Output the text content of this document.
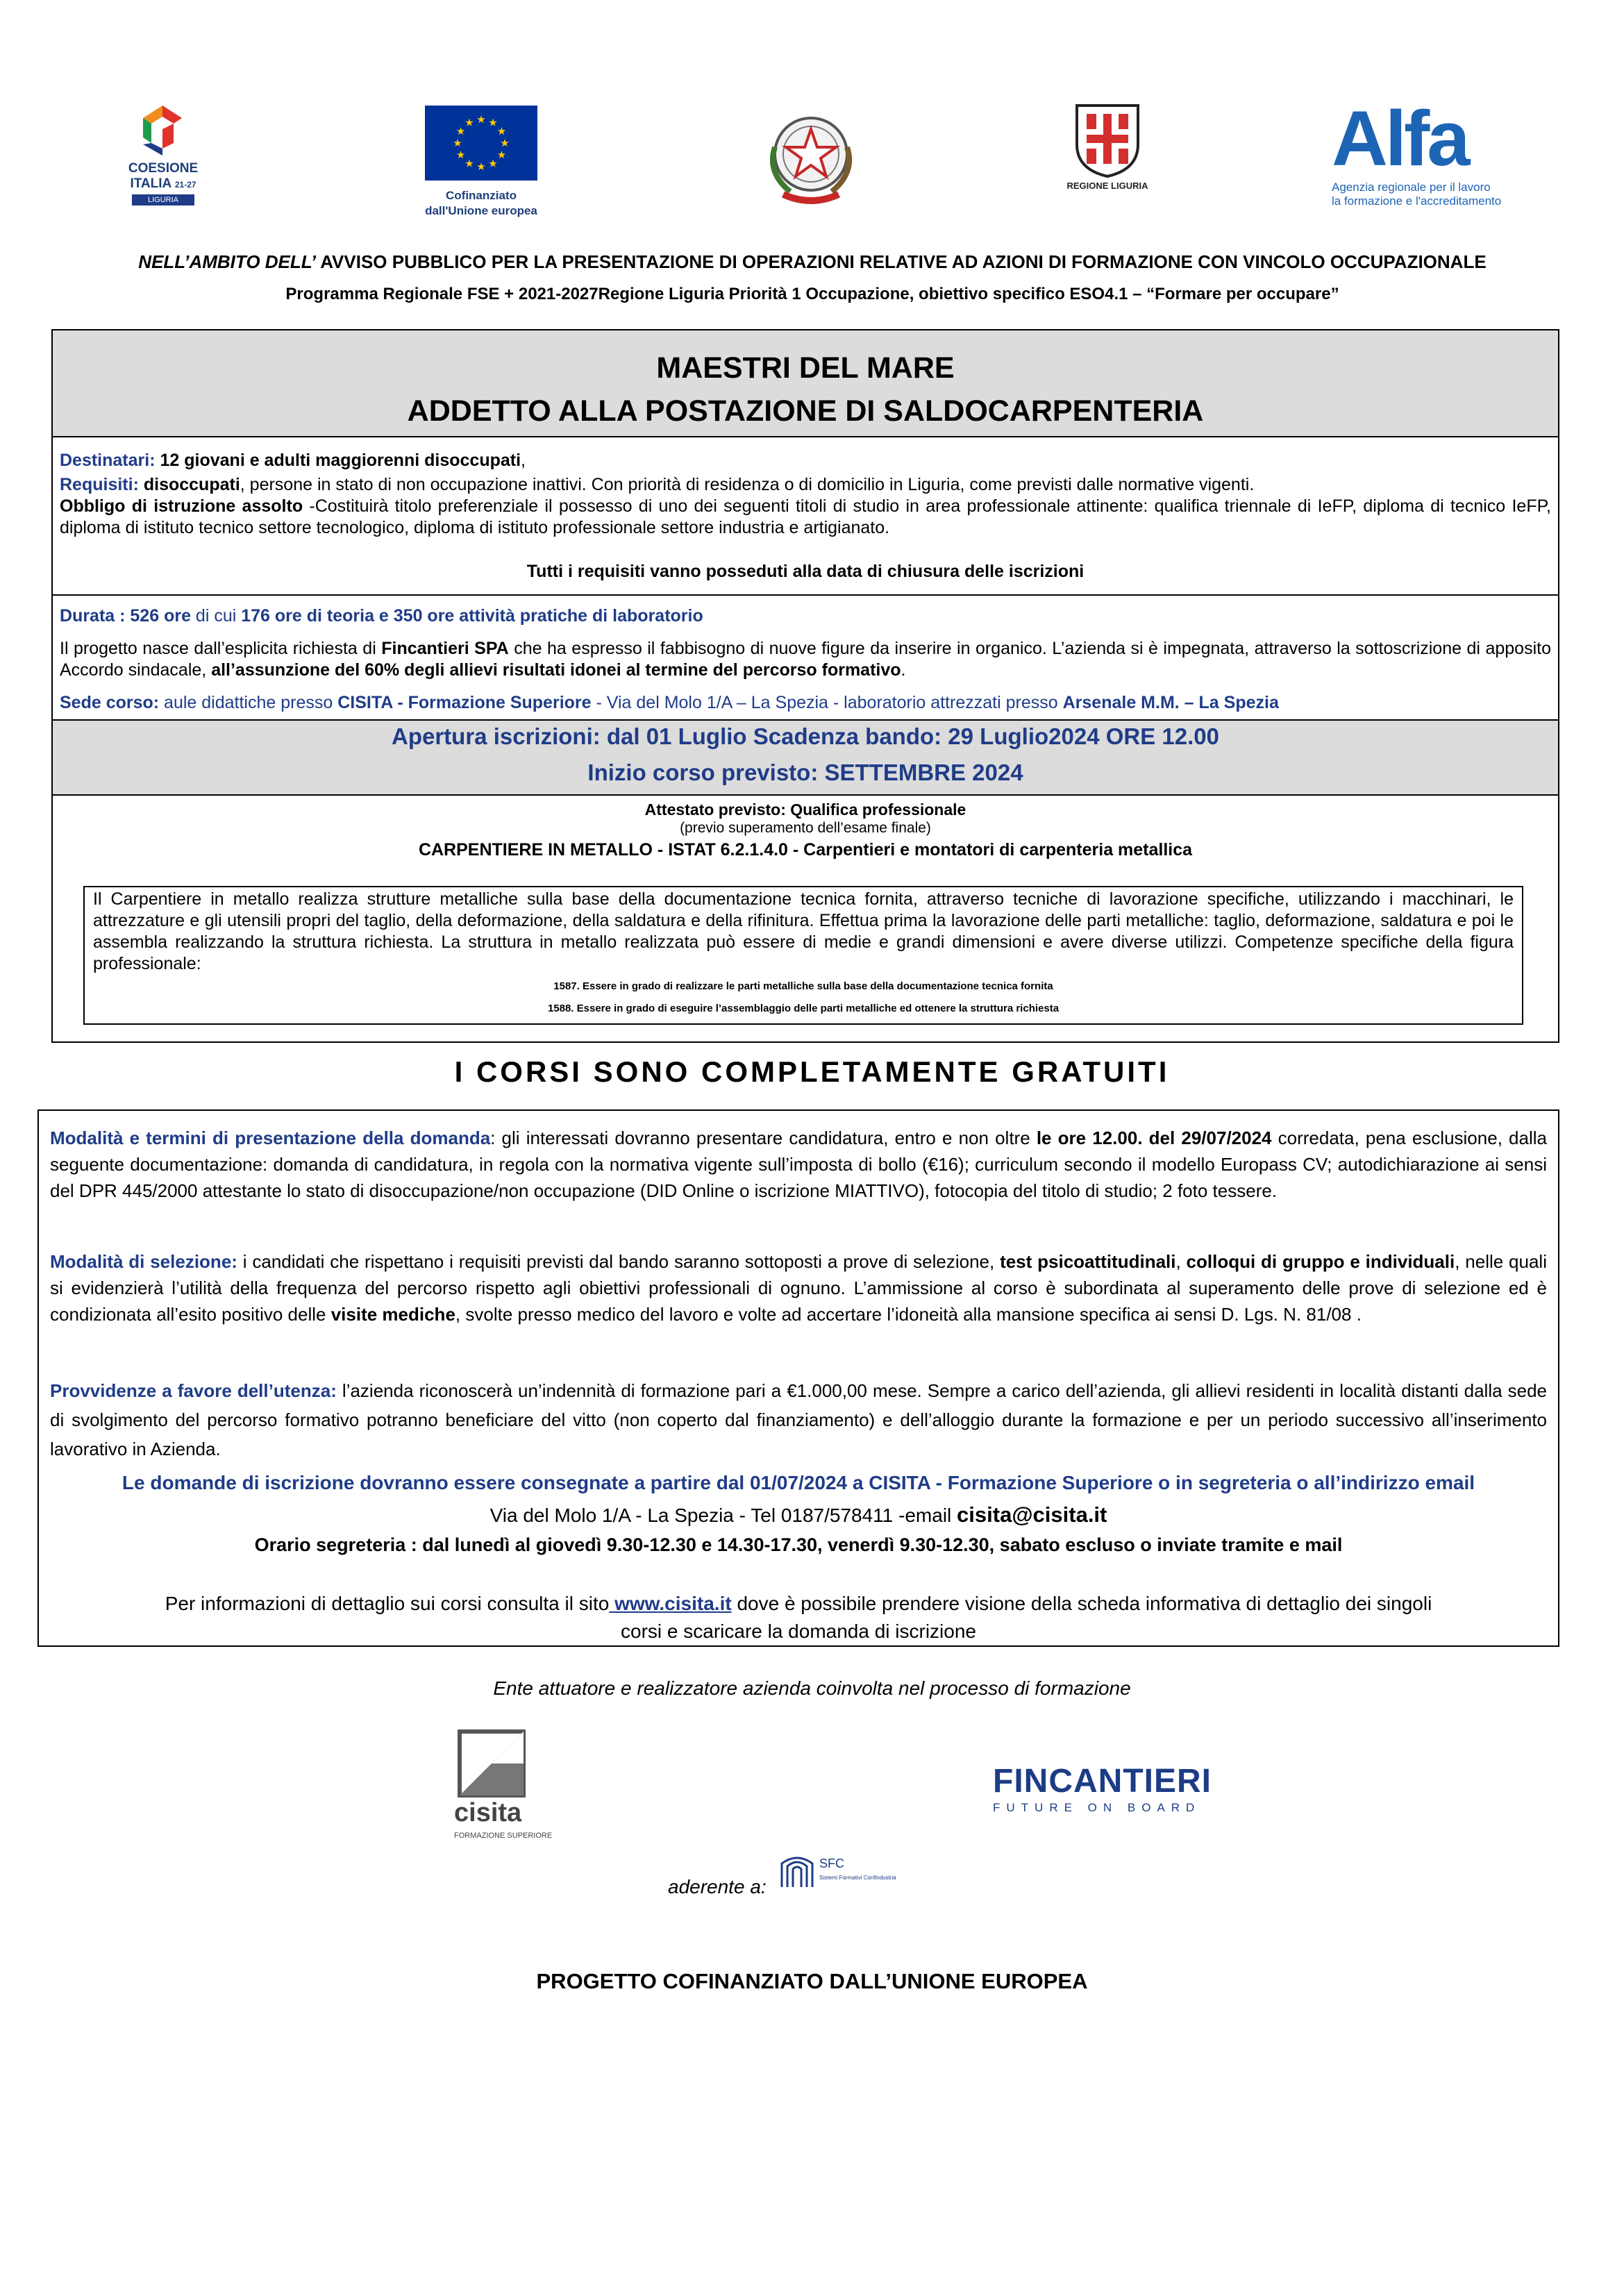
COESIONE
ITALIA 21-27
LIGURIA
★ ★
★
★
★
★
★
★
★
★
★
★
Cofinanziato
dall'Unione europea
REGIONE LIGURIA
Alfa
Agenzia regionale per il lavoro
la formazione e l'accreditamento
NELL’AMBITO DELL’ AVVISO PUBBLICO PER LA PRESENTAZIONE DI OPERAZIONI RELATIVE AD AZIONI DI FORMAZIONE CON VINCOLO OCCUPAZIONALE
Programma Regionale FSE + 2021-2027Regione Liguria Priorità 1 Occupazione, obiettivo specifico ESO4.1 – “Formare per occupare”
MAESTRI DEL MARE
ADDETTO ALLA POSTAZIONE DI SALDOCARPENTERIA
Destinatari: 12 giovani e adulti maggiorenni disoccupati,
Requisiti: disoccupati, persone in stato di non occupazione inattivi. Con priorità di residenza o di domicilio in Liguria, come previsti dalle normative vigenti.
Obbligo di istruzione assolto -Costituirà titolo preferenziale il possesso di uno dei seguenti titoli di studio in area professionale attinente: qualifica triennale di IeFP, diploma di tecnico IeFP, diploma di istituto tecnico settore tecnologico, diploma di istituto professionale settore industria e artigianato.
Tutti i requisiti vanno posseduti alla data di chiusura delle iscrizioni
Durata : 526 ore di cui 176 ore di teoria e 350 ore attività pratiche di laboratorio
Il progetto nasce dall’esplicita richiesta di Fincantieri SPA che ha espresso il fabbisogno di nuove figure da inserire in organico. L’azienda si è impegnata, attraverso la sottoscrizione di apposito Accordo sindacale, all’assunzione del 60% degli allievi risultati idonei al termine del percorso formativo.
Sede corso: aule didattiche presso CISITA - Formazione Superiore - Via del Molo 1/A – La Spezia - laboratorio attrezzati presso Arsenale M.M. – La Spezia
Apertura iscrizioni: dal 01 Luglio Scadenza bando: 29 Luglio2024 ORE 12.00
Inizio corso previsto: SETTEMBRE 2024
Attestato previsto: Qualifica professionale
(previo superamento dell’esame finale)
CARPENTIERE IN METALLO - ISTAT 6.2.1.4.0 - Carpentieri e montatori di carpenteria metallica
Il Carpentiere in metallo realizza strutture metalliche sulla base della documentazione tecnica fornita, attraverso tecniche di lavorazione specifiche, utilizzando i macchinari, le attrezzature e gli utensili propri del taglio, della deformazione, della saldatura e della rifinitura. Effettua prima la lavorazione delle parti metalliche: taglio, deformazione, saldatura e poi le assembla realizzando la struttura richiesta. La struttura in metallo realizzata può essere di medie e grandi dimensioni e avere diverse utilizzi. Competenze specifiche della figura professionale:
1587. Essere in grado di realizzare le parti metalliche sulla base della documentazione tecnica fornita
1588. Essere in grado di eseguire l’assemblaggio delle parti metalliche ed ottenere la struttura richiesta
I CORSI SONO COMPLETAMENTE GRATUITI
Modalità e termini di presentazione della domanda: gli interessati dovranno presentare candidatura, entro e non oltre le ore 12.00. del 29/07/2024 corredata, pena esclusione, dalla seguente documentazione: domanda di candidatura, in regola con la normativa vigente sull’imposta di bollo (€16); curriculum secondo il modello Europass CV; autodichiarazione ai sensi del DPR 445/2000 attestante lo stato di disoccupazione/non occupazione (DID Online o iscrizione MIATTIVO), fotocopia del titolo di studio; 2 foto tessere.
Modalità di selezione: i candidati che rispettano i requisiti previsti dal bando saranno sottoposti a prove di selezione, test psicoattitudinali, colloqui di gruppo e individuali, nelle quali si evidenzierà l’utilità della frequenza del percorso rispetto agli obiettivi professionali di ognuno. L’ammissione al corso è subordinata al superamento delle prove di selezione ed è condizionata all’esito positivo delle visite mediche, svolte presso medico del lavoro e volte ad accertare l’idoneità alla mansione specifica ai sensi D. Lgs. N. 81/08 .
Provvidenze a favore dell’utenza: l’azienda riconoscerà un’indennità di formazione pari a €1.000,00 mese. Sempre a carico dell’azienda, gli allievi residenti in località distanti dalla sede di svolgimento del percorso formativo potranno beneficiare del vitto (non coperto dal finanziamento) e dell’alloggio durante la formazione e per un periodo successivo all’inserimento lavorativo in Azienda.
Le domande di iscrizione dovranno essere consegnate a partire dal 01/07/2024 a CISITA - Formazione Superiore o in segreteria o all’indirizzo email
Via del Molo 1/A - La Spezia - Tel 0187/578411 -email cisita@cisita.it
Orario segreteria : dal lunedì al giovedì 9.30-12.30 e 14.30-17.30, venerdì 9.30-12.30, sabato escluso o inviate tramite e mail
Per informazioni di dettaglio sui corsi consulta il sito www.cisita.it dove è possibile prendere visione della scheda informativa di dettaglio dei singoli
corsi e scaricare la domanda di iscrizione
Ente attuatore e realizzatore azienda coinvolta nel processo di formazione
cisita
FORMAZIONE SUPERIORE
FINCANTIERI
FUTURE ON BOARD
aderente a:
SFC
Sistemi Formativi Confindustria
PROGETTO COFINANZIATO DALL’UNIONE EUROPEA
